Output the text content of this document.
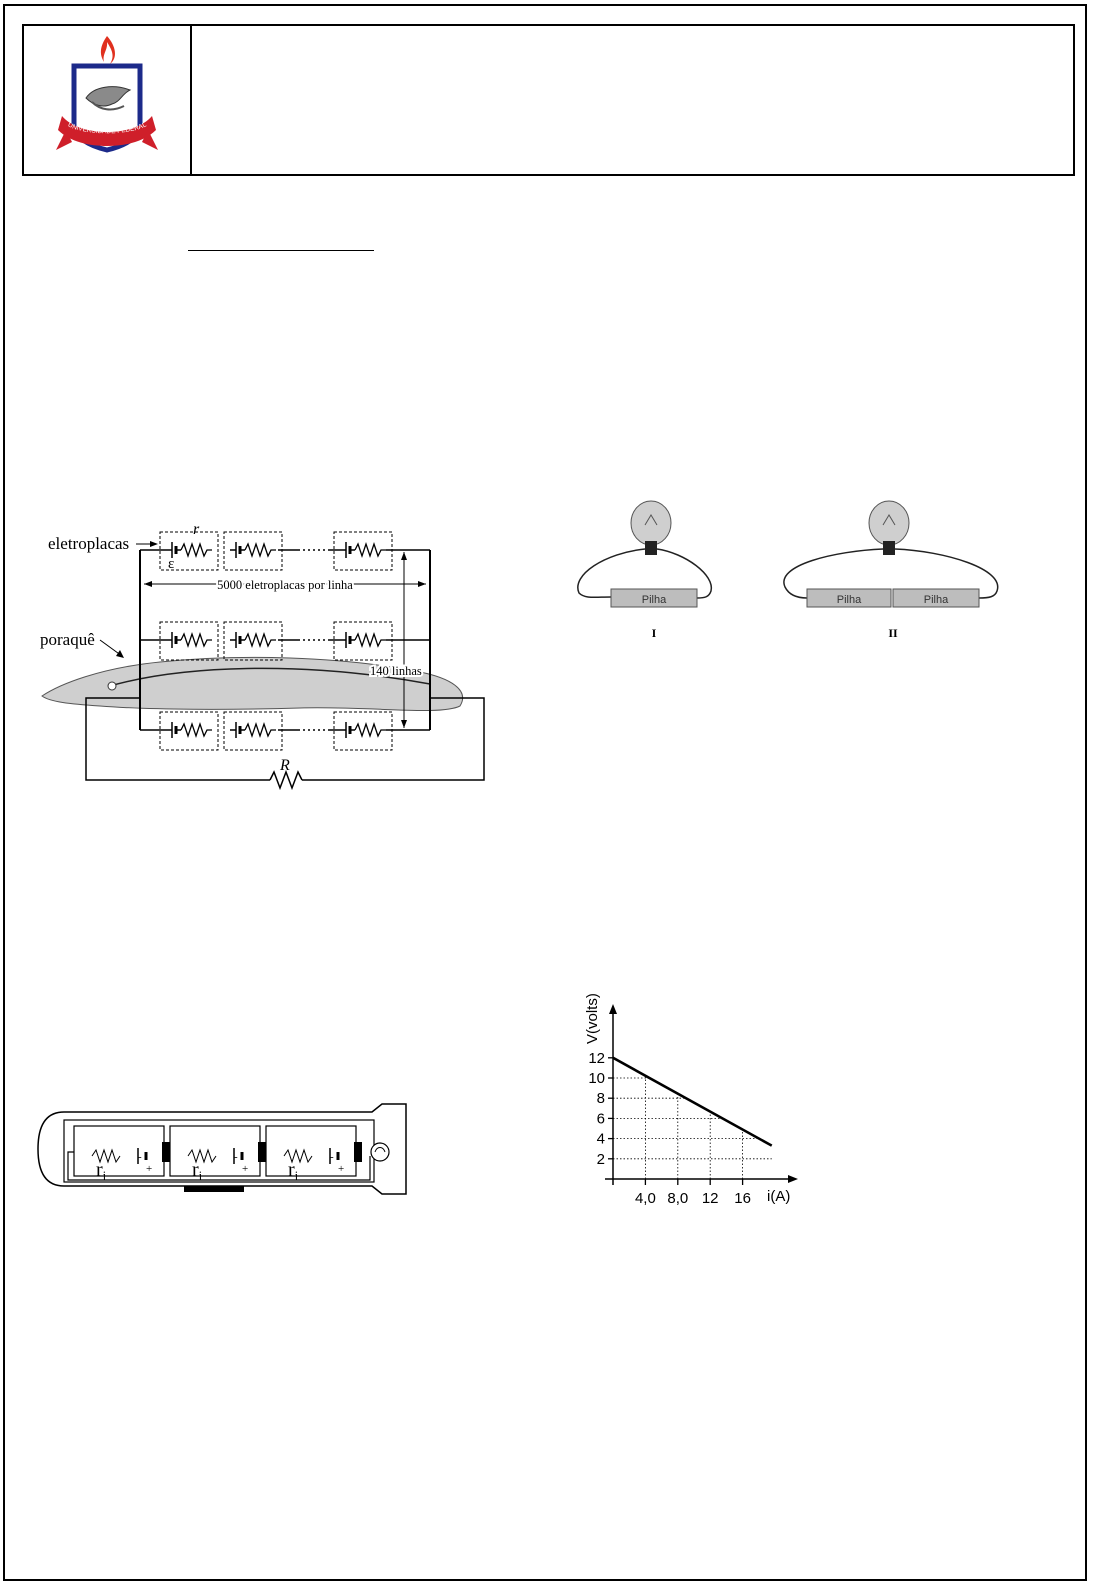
UNIVERSIDADE FEDERAL
eletroplacas
poraquê
r
ε
5000 eletroplacas por linha
140 linhas
R
Pilha
I
Pilha	Pilha
II
$r_i$
-
+ $r_i$
-
+ $r_i$
-
+
4,0 8,0 12 16
2
4
6
8
10
12
V(volts)
i(A)
